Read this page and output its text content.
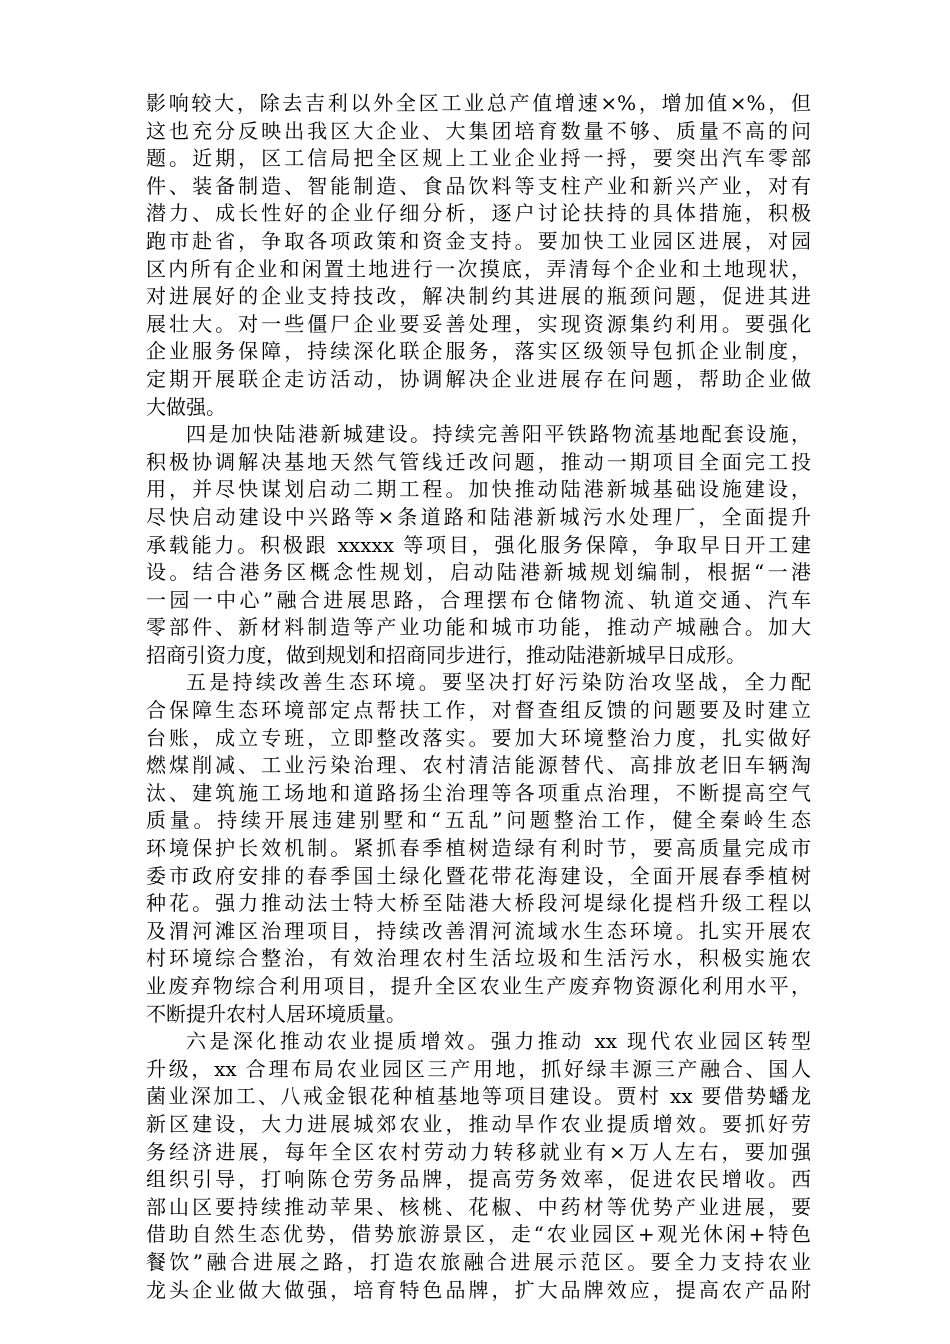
影响较大，除去吉利以外全区工业总产值增速×%，增加值×%，但
这也充分反映出我区大企业、大集团培育数量不够、质量不高的问
题。近期，区工信局把全区规上工业企业捋一捋，要突出汽车零部
件、装备制造、智能制造、食品饮料等支柱产业和新兴产业，对有
潜力、成长性好的企业仔细分析，逐户讨论扶持的具体措施，积极
跑市赴省，争取各项政策和资金支持。要加快工业园区进展，对园
区内所有企业和闲置土地进行一次摸底，弄清每个企业和土地现状，
对进展好的企业支持技改，解决制约其进展的瓶颈问题，促进其进
展壮大。对一些僵尸企业要妥善处理，实现资源集约利用。要强化
企业服务保障，持续深化联企服务，落实区级领导包抓企业制度，
定期开展联企走访活动，协调解决企业进展存在问题，帮助企业做
大做强。

四是加快陆港新城建设。持续完善阳平铁路物流基地配套设施，
积极协调解决基地天然气管线迁改问题，推动一期项目全面完工投
用，并尽快谋划启动二期工程。加快推动陆港新城基础设施建设，
尽快启动建设中兴路等×条道路和陆港新城污水处理厂，全面提升
承载能力。积极跟 xxxxx 等项目，强化服务保障，争取早日开工建
设。结合港务区概念性规划，启动陆港新城规划编制，根据“一港
一园一中心”融合进展思路，合理摆布仓储物流、轨道交通、汽车
零部件、新材料制造等产业功能和城市功能，推动产城融合。加大
招商引资力度，做到规划和招商同步进行，推动陆港新城早日成形。

五是持续改善生态环境。要坚决打好污染防治攻坚战，全力配
合保障生态环境部定点帮扶工作，对督查组反馈的问题要及时建立
台账，成立专班，立即整改落实。要加大环境整治力度，扎实做好
燃煤削减、工业污染治理、农村清洁能源替代、高排放老旧车辆淘
汰、建筑施工场地和道路扬尘治理等各项重点治理，不断提高空气
质量。持续开展违建别墅和“五乱”问题整治工作，健全秦岭生态
环境保护长效机制。紧抓春季植树造绿有利时节，要高质量完成市
委市政府安排的春季国土绿化暨花带花海建设，全面开展春季植树
种花。强力推动法士特大桥至陆港大桥段河堤绿化提档升级工程以
及渭河滩区治理项目，持续改善渭河流域水生态环境。扎实开展农
村环境综合整治，有效治理农村生活垃圾和生活污水，积极实施农
业废弃物综合利用项目，提升全区农业生产废弃物资源化利用水平，
不断提升农村人居环境质量。

六是深化推动农业提质增效。强力推动 xx 现代农业园区转型
升级，xx 合理布局农业园区三产用地，抓好绿丰源三产融合、国人
菌业深加工、八戒金银花种植基地等项目建设。贾村 xx 要借势蟠龙
新区建设，大力进展城郊农业，推动旱作农业提质增效。要抓好劳
务经济进展，每年全区农村劳动力转移就业有×万人左右，要加强
组织引导，打响陈仓劳务品牌，提高劳务效率，促进农民增收。西
部山区要持续推动苹果、核桃、花椒、中药材等优势产业进展，要
借助自然生态优势，借势旅游景区，走“农业园区+观光休闲+特色
餐饮”融合进展之路，打造农旅融合进展示范区。要全力支持农业
龙头企业做大做强，培育特色品牌，扩大品牌效应，提高农产品附
